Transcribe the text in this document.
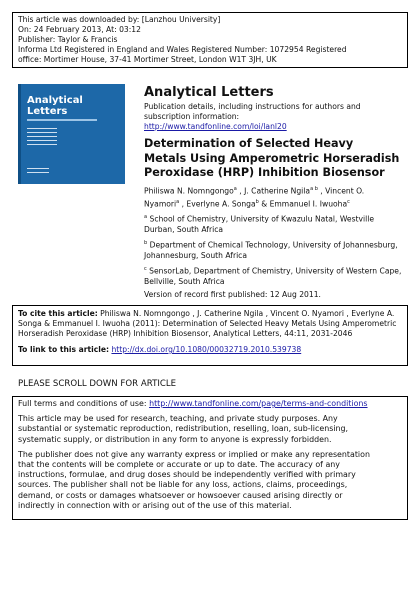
This article was downloaded by: [Lanzhou University]
On: 24 February 2013, At: 03:12
Publisher: Taylor & Francis
Informa Ltd Registered in England and Wales Registered Number: 1072954 Registered
office: Mortimer House, 37-41 Mortimer Street, London W1T 3JH, UK
Analytical
Letters
Analytical Letters
Publication details, including instructions for authors and
subscription information:
http://www.tandfonline.com/loi/lanl20
Determination of Selected Heavy
Metals Using Amperometric Horseradish
Peroxidase (HRP) Inhibition Biosensor
Philiswa N. Nomngongo$^a$ , J. Catherine Ngila$^{a b}$ , Vincent O.
Nyamori$^a$ , Everlyne A. Songa$^b$ & Emmanuel I. Iwuoha$^c$
$^a$ School of Chemistry, University of Kwazulu Natal, Westville
Durban, South Africa
$^b$ Department of Chemical Technology, University of Johannesburg,
Johannesburg, South Africa
$^c$ SensorLab, Department of Chemistry, University of Western Cape,
Bellville, South Africa
Version of record first published: 12 Aug 2011.
To cite this article: Philiswa N. Nomngongo , J. Catherine Ngila , Vincent O. Nyamori , Everlyne A.
Songa & Emmanuel I. Iwuoha (2011): Determination of Selected Heavy Metals Using Amperometric
Horseradish Peroxidase (HRP) Inhibition Biosensor, Analytical Letters, 44:11, 2031-2046
To link to this article: http://dx.doi.org/10.1080/00032719.2010.539738
PLEASE SCROLL DOWN FOR ARTICLE

Full terms and conditions of use: http://www.tandfonline.com/page/terms-and-conditions

This article may be used for research, teaching, and private study purposes. Any
substantial or systematic reproduction, redistribution, reselling, loan, sub-licensing,
systematic supply, or distribution in any form to anyone is expressly forbidden.

The publisher does not give any warranty express or implied or make any representation
that the contents will be complete or accurate or up to date. The accuracy of any
instructions, formulae, and drug doses should be independently verified with primary
sources. The publisher shall not be liable for any loss, actions, claims, proceedings,
demand, or costs or damages whatsoever or howsoever caused arising directly or
indirectly in connection with or arising out of the use of this material.
